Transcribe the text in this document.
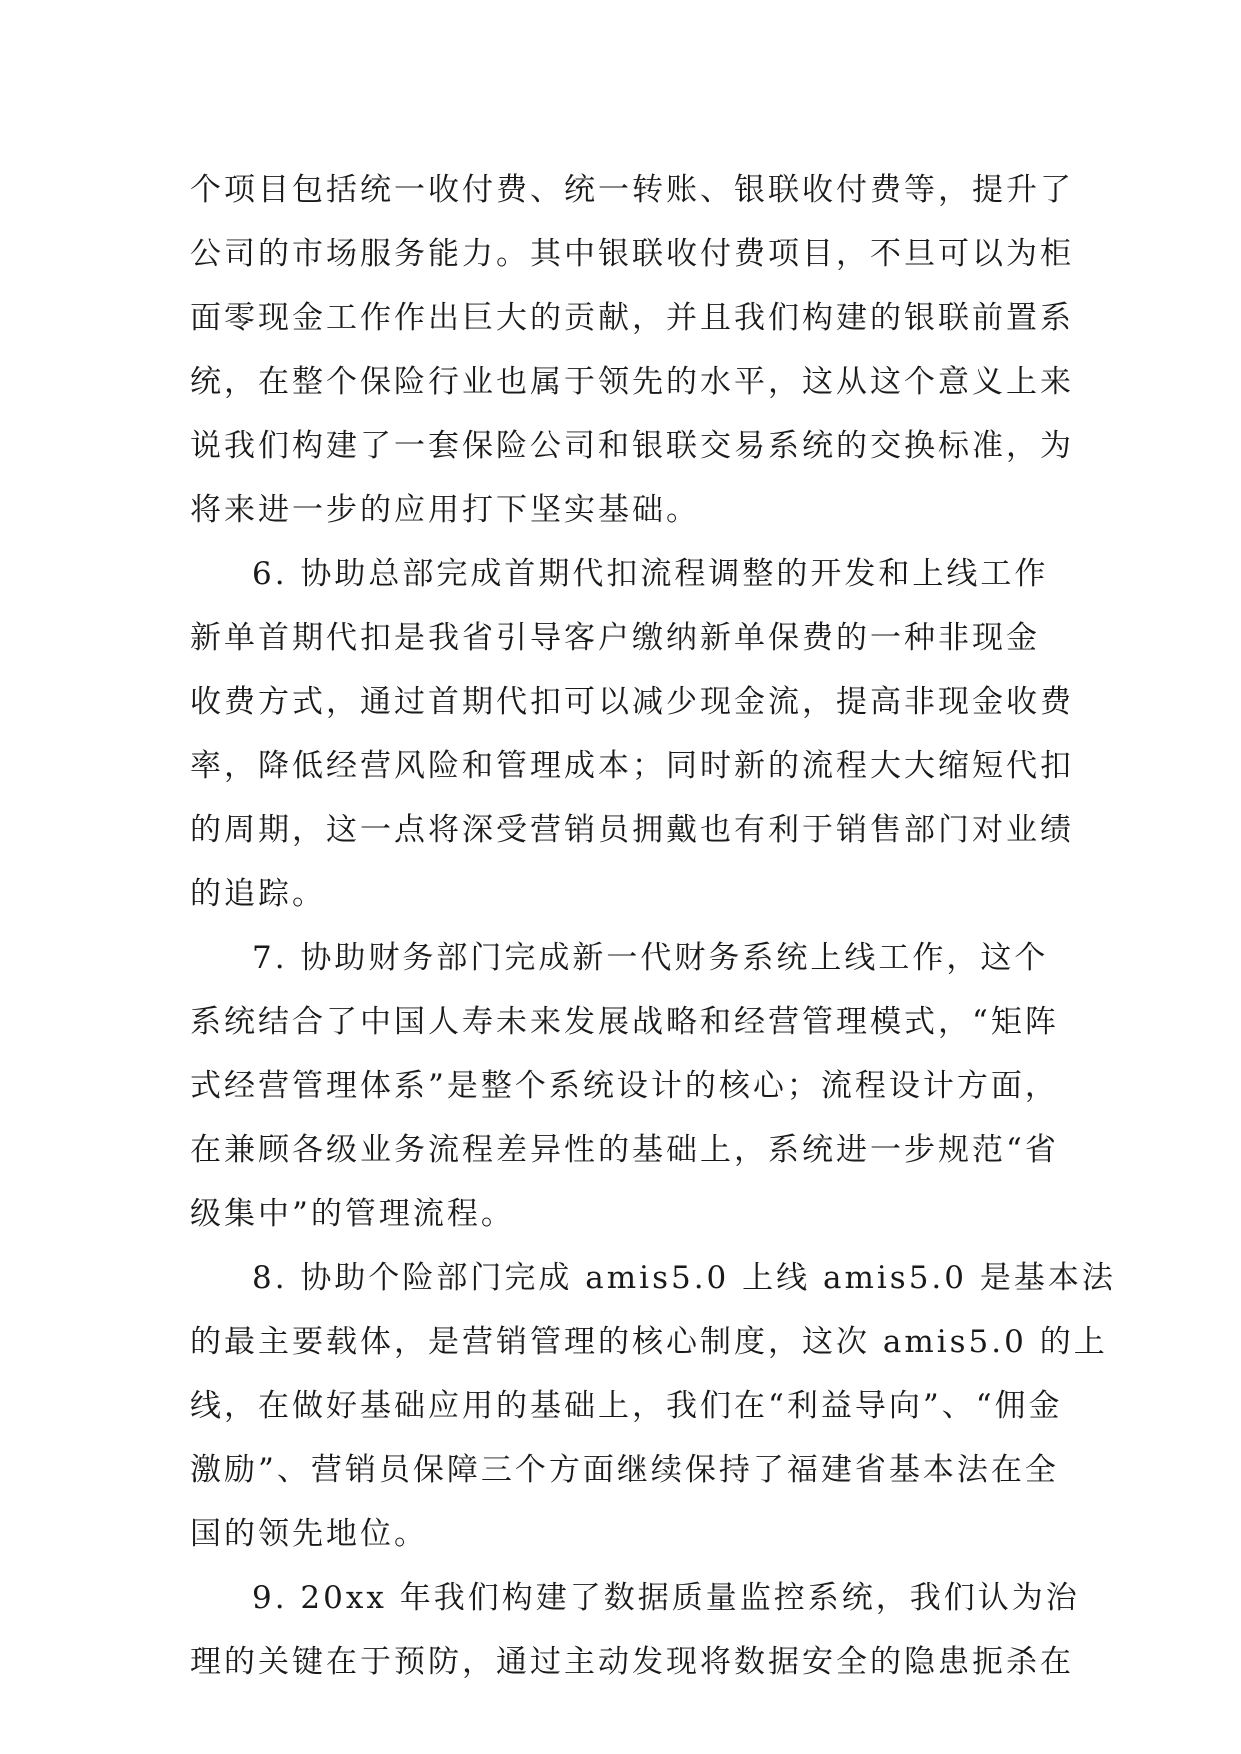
个项目包括统一收付费、统一转账、银联收付费等，提升了
公司的市场服务能力。其中银联收付费项目，不旦可以为柜
面零现金工作作出巨大的贡献，并且我们构建的银联前置系
统，在整个保险行业也属于领先的水平，这从这个意义上来
说我们构建了一套保险公司和银联交易系统的交换标准，为
将来进一步的应用打下坚实基础。
6. 协助总部完成首期代扣流程调整的开发和上线工作
新单首期代扣是我省引导客户缴纳新单保费的一种非现金
收费方式，通过首期代扣可以减少现金流，提高非现金收费
率，降低经营风险和管理成本；同时新的流程大大缩短代扣
的周期，这一点将深受营销员拥戴也有利于销售部门对业绩
的追踪。
7. 协助财务部门完成新一代财务系统上线工作，这个
系统结合了中国人寿未来发展战略和经营管理模式，“矩阵
式经营管理体系”是整个系统设计的核心；流程设计方面，
在兼顾各级业务流程差异性的基础上，系统进一步规范“省
级集中”的管理流程。
8. 协助个险部门完成 amis5.0 上线 amis5.0 是基本法
的最主要载体，是营销管理的核心制度，这次 amis5.0 的上
线，在做好基础应用的基础上，我们在“利益导向”、“佣金
激励”、营销员保障三个方面继续保持了福建省基本法在全
国的领先地位。
9. 20xx 年我们构建了数据质量监控系统，我们认为治
理的关键在于预防，通过主动发现将数据安全的隐患扼杀在
